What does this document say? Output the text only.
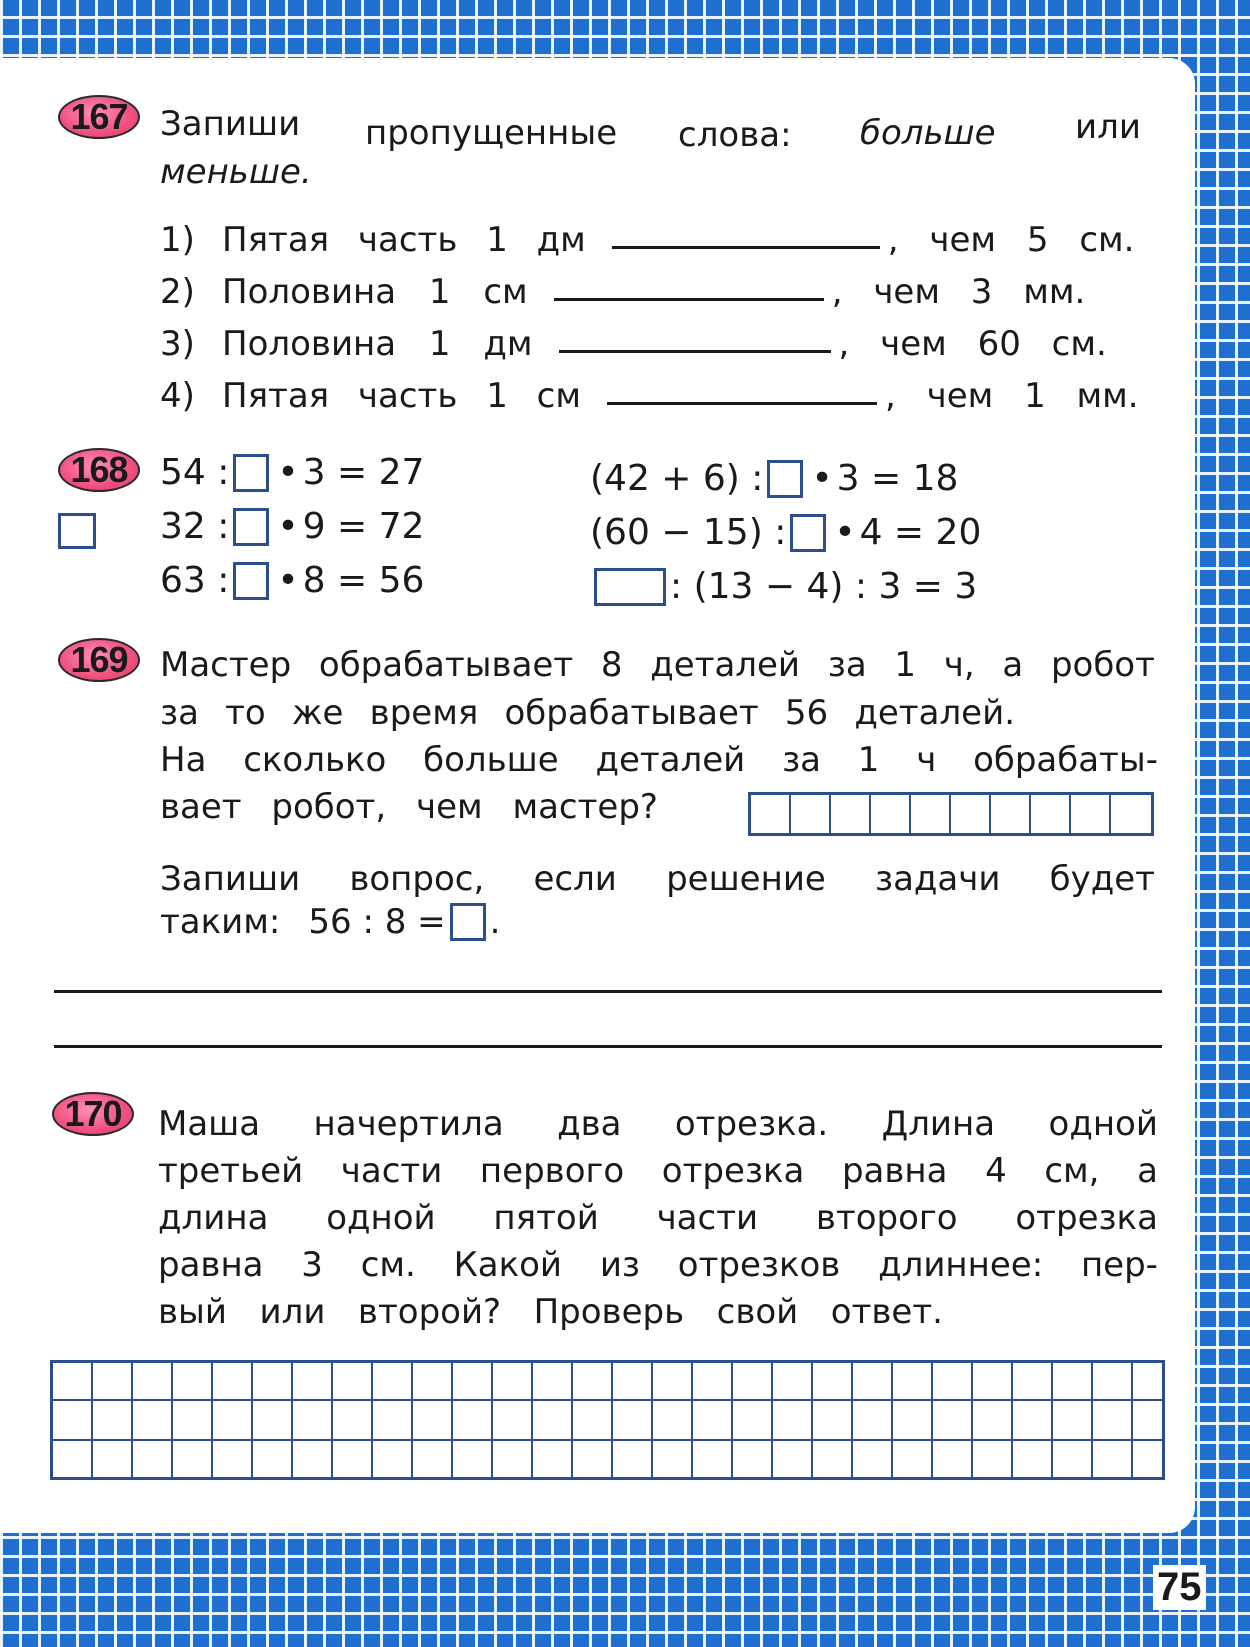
167 Запиши пропущенные слова: больше или
меньше.
1) Пятая часть 1 дм	, чем 5 см.
2) Половина 1 см	, чем 3 мм.
3) Половина 1 дм	, чем 60 см.
4) Пятая часть 1 см	, чем 1 мм.
168 54 : • 3 = 27
32 : • 9 = 72
63 : • 8 = 56
(42 + 6) : • 3 = 18
(60 − 15) : • 4 = 20
: (13 − 4) : 3 = 3
169 Мастер обрабатывает 8 деталей за 1 ч, а робот
за то же время обрабатывает 56 деталей.
На сколько больше деталей за 1 ч обрабаты-
вает робот, чем мастер?
Запиши вопрос, если решение задачи будет
таким: 56 : 8 = .
170	Маша начертила два отрезка. Длина одной
третьей части первого отрезка равна 4 см, а
длина одной пятой части второго отрезка
равна 3 см. Какой из отрезков длиннее: пер-
вый или второй? Проверь свой ответ.
75
